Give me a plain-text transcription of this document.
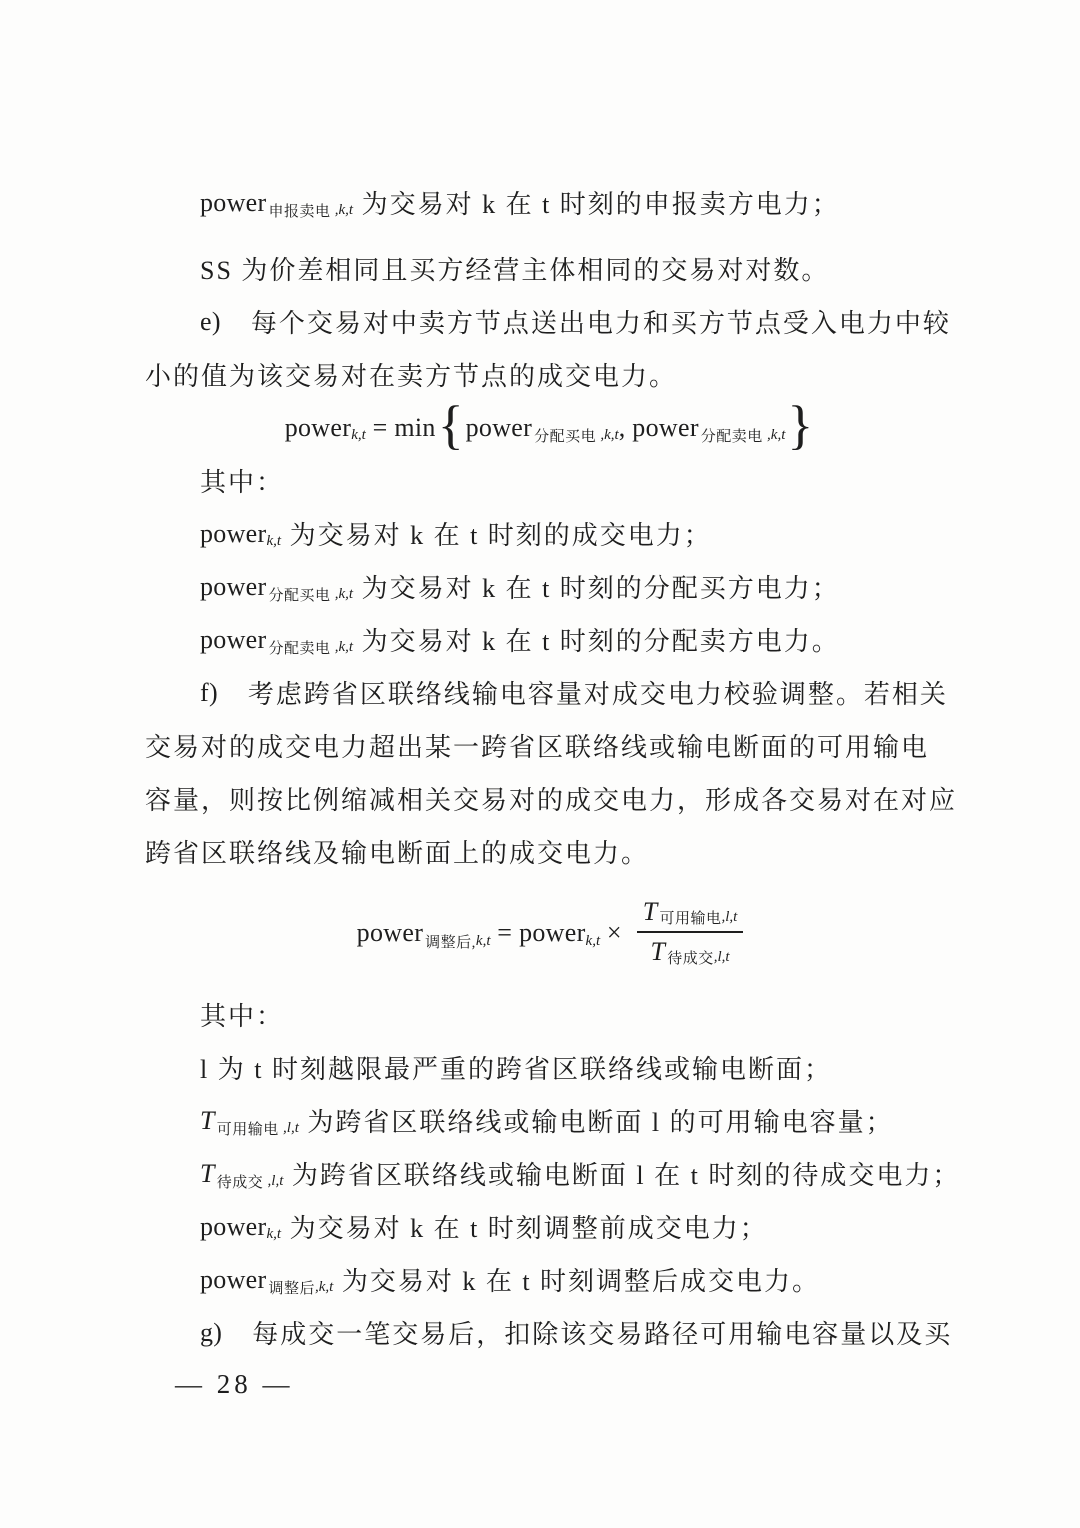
power 申报卖电 ,k,t 为交易对 k 在 t 时刻的申报卖方电力；
SS 为价差相同且买方经营主体相同的交易对对数。
e) 每个交易对中卖方节点送出电力和买方节点受入电力中较
小的值为该交易对在卖方节点的成交电力。
power k,t = min { power 分配买电 ,k,t , power 分配卖电 ,k,t }
其中：
power k,t 为交易对 k 在 t 时刻的成交电力；
power 分配买电 ,k,t 为交易对 k 在 t 时刻的分配买方电力；
power 分配卖电 ,k,t 为交易对 k 在 t 时刻的分配卖方电力。
f) 考虑跨省区联络线输电容量对成交电力校验调整。若相关
交易对的成交电力超出某一跨省区联络线或输电断面的可用输电
容量，则按比例缩减相关交易对的成交电力，形成各交易对在对应
跨省区联络线及输电断面上的成交电力。
power 调整后, k,t = power $k,t \times \frac{\text{T 可用输电 ,l,t}}{\text{T 待成交 ,l,t}}$
其中：
l 为 t 时刻越限最严重的跨省区联络线或输电断面；
T 可用输电 ,l,t 为跨省区联络线或输电断面 l 的可用输电容量；
T 待成交 ,l,t 为跨省区联络线或输电断面 l 在 t 时刻的待成交电力；
power k,t 为交易对 k 在 t 时刻调整前成交电力；
power 调整后 ,k,t 为交易对 k 在 t 时刻调整后成交电力。
g) 每成交一笔交易后，扣除该交易路径可用输电容量以及买
— 28 —
